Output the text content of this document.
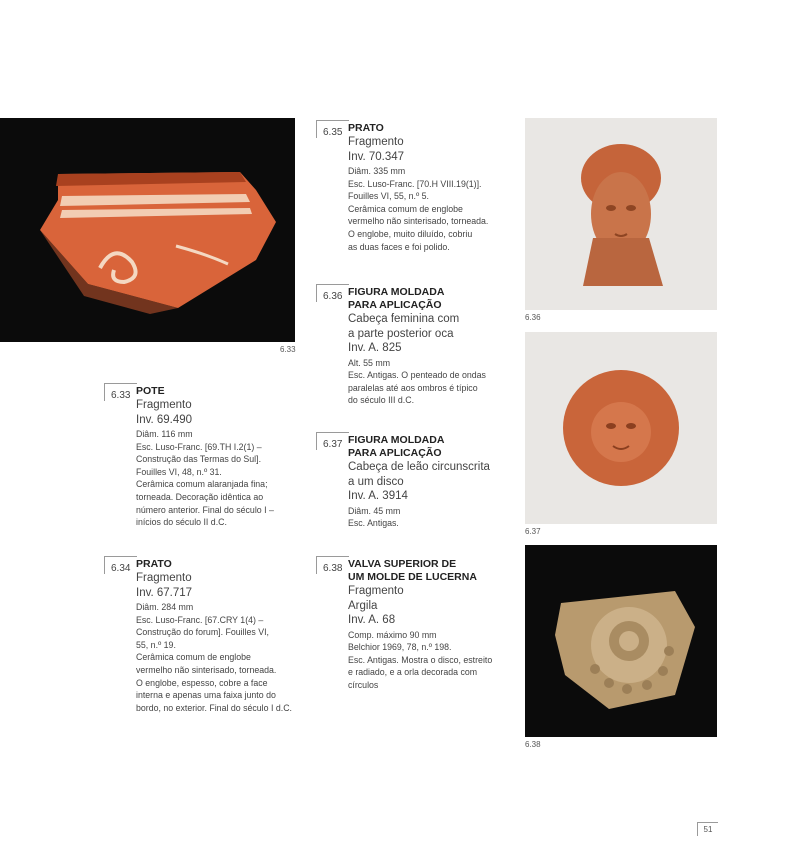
6.33
6.36
6.37
6.38
6.35 PRATO
Fragmento
Inv. 70.347
Diâm. 335 mm
Esc. Luso-Franc. [70.H VIII.19(1)].
Fouilles VI, 55, n.º 5.
Cerâmica comum de englobe
vermelho não sinterisado, torneada.
O englobe, muito diluído, cobriu
as duas faces e foi polido.
6.36 FIGURA MOLDADA
PARA APLICAÇÃO
Cabeça feminina com
a parte posterior oca
Inv. A. 825
Alt. 55 mm
Esc. Antigas. O penteado de ondas
paralelas até aos ombros é típico
do século III d.C.
6.37 FIGURA MOLDADA
PARA APLICAÇÃO
Cabeça de leão circunscrita
a um disco
Inv. A. 3914
Diâm. 45 mm
Esc. Antigas.
6.38 VALVA SUPERIOR DE
UM MOLDE DE LUCERNA
Fragmento
Argila
Inv. A. 68
Comp. máximo 90 mm
Belchior 1969, 78, n.º 198.
Esc. Antigas. Mostra o disco, estreito
e radiado, e a orla decorada com
círculos
6.33 POTE
Fragmento
Inv. 69.490
Diâm. 116 mm
Esc. Luso-Franc. [69.TH I.2(1) –
Construção das Termas do Sul].
Fouilles VI, 48, n.º 31.
Cerâmica comum alaranjada fina;
torneada. Decoração idêntica ao
número anterior. Final do século I –
inícios do século II d.C.
6.34 PRATO
Fragmento
Inv. 67.717
Diâm. 284 mm
Esc. Luso-Franc. [67.CRY 1(4) –
Construção do forum]. Fouilles VI,
55, n.º 19.
Cerâmica comum de englobe
vermelho não sinterisado, torneada.
O englobe, espesso, cobre a face
interna e apenas uma faixa junto do
bordo, no exterior. Final do século I d.C.
51
